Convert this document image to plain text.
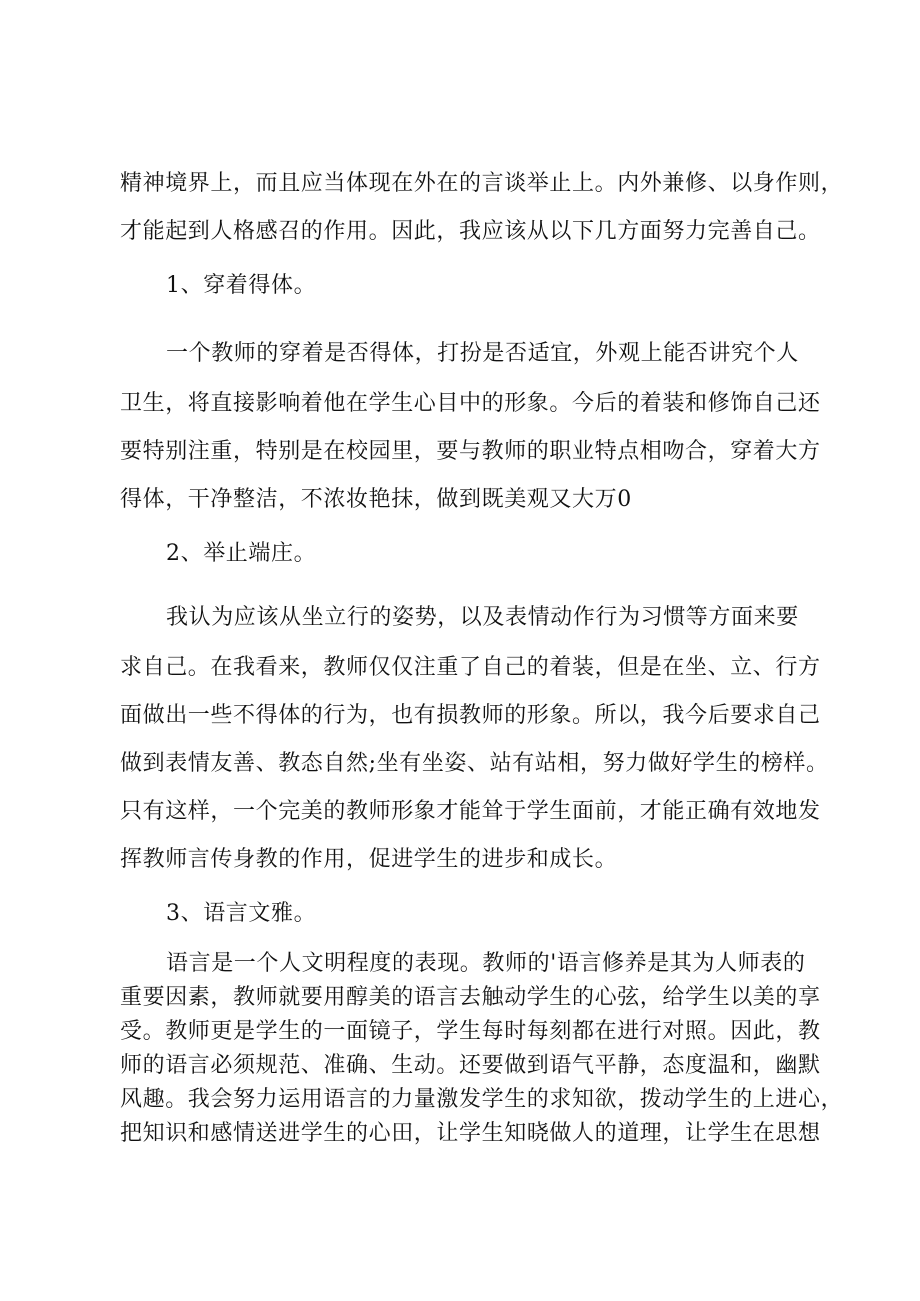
精神境界上，而且应当体现在外在的言谈举止上。内外兼修、以身作则，
才能起到人格感召的作用。因此，我应该从以下几方面努力完善自己。
1、穿着得体。
一个教师的穿着是否得体，打扮是否适宜，外观上能否讲究个人
卫生，将直接影响着他在学生心目中的形象。今后的着装和修饰自己还
要特别注重，特别是在校园里，要与教师的职业特点相吻合，穿着大方
得体，干净整洁，不浓妆艳抹，做到既美观又大万0
2、举止端庄。
我认为应该从坐立行的姿势，以及表情动作行为习惯等方面来要
求自己。在我看来，教师仅仅注重了自己的着装，但是在坐、立、行方
面做出一些不得体的行为，也有损教师的形象。所以，我今后要求自己
做到表情友善、教态自然;坐有坐姿、站有站相，努力做好学生的榜样。
只有这样，一个完美的教师形象才能耸于学生面前，才能正确有效地发
挥教师言传身教的作用，促进学生的进步和成长。
3、语言文雅。
语言是一个人文明程度的表现。教师的'语言修养是其为人师表的
重要因素，教师就要用醇美的语言去触动学生的心弦，给学生以美的享
受。教师更是学生的一面镜子，学生每时每刻都在进行对照。因此，教
师的语言必须规范、准确、生动。还要做到语气平静，态度温和，幽默
风趣。我会努力运用语言的力量激发学生的求知欲，拨动学生的上进心，
把知识和感情送进学生的心田，让学生知晓做人的道理，让学生在思想
